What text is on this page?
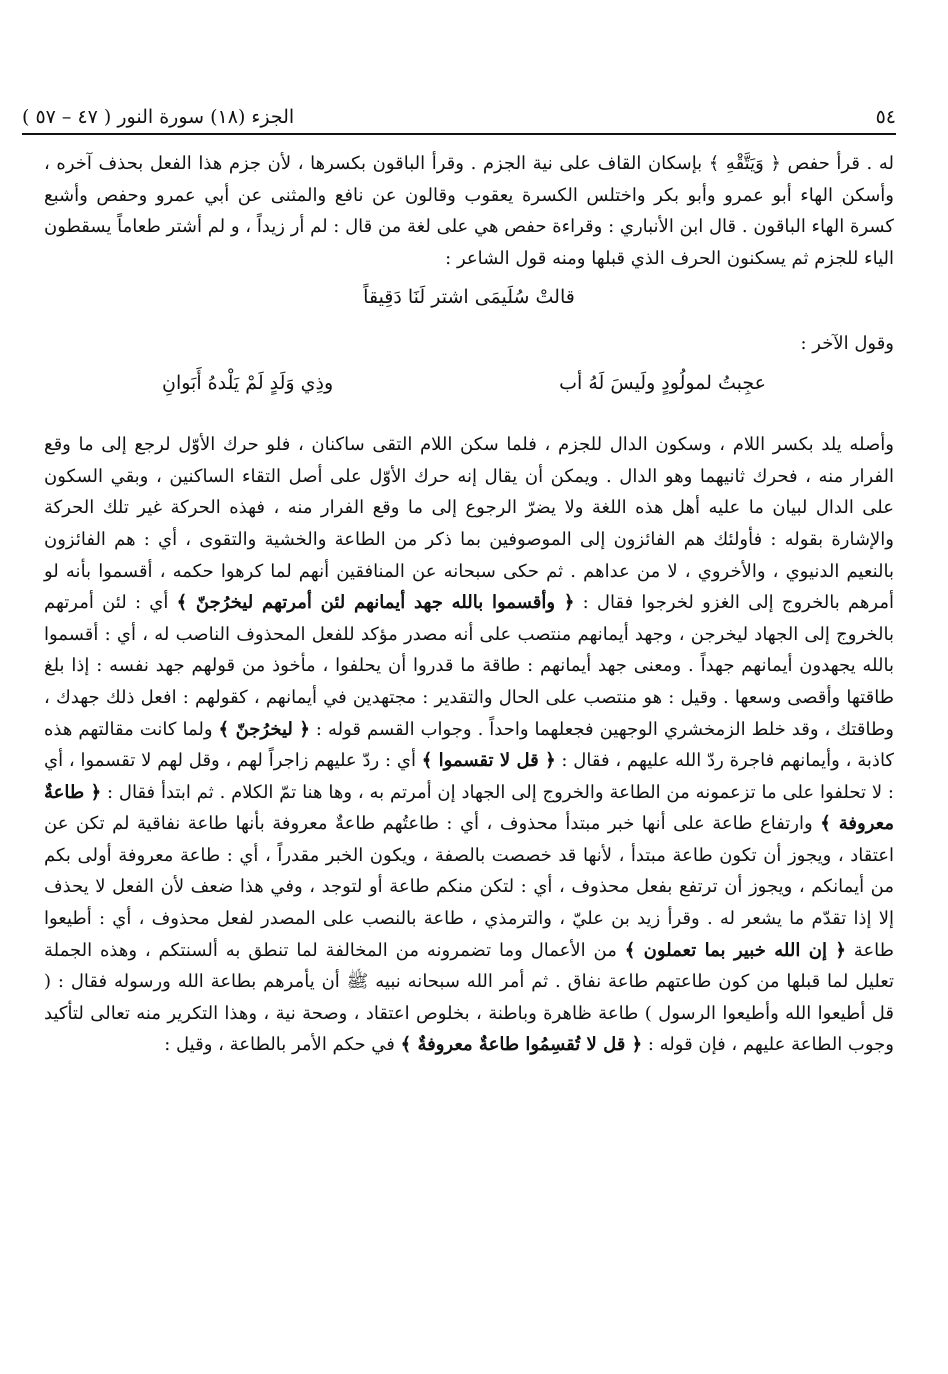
٥٤
الجزء (١٨) سورة النور ( ٤٧ – ٥٧ )

له . قرأ حفص ﴿ وَيَتَّقْهِ ﴾ بإسكان القاف على نية الجزم . وقرأ الباقون بكسرها ، لأن جزم هذا الفعل بحذف آخره ، وأسكن الهاء أبو عمرو وأبو بكر واختلس الكسرة يعقوب وقالون عن نافع والمثنى عن أبي عمرو وحفص وأشبع كسرة الهاء الباقون . قال ابن الأنباري : وقراءة حفص هي على لغة من قال : لم أر زيداً ، و لم أشتر طعاماً يسقطون الياء للجزم ثم يسكنون الحرف الذي قبلها ومنه قول الشاعر :

قالتْ سُلَيمَى اشتر لَنَا دَقِيقاً

وقول الآخر :

عجِبتُ لمولُودٍ ولَيسَ لَهُ أب
وذِي وَلَدٍ لَمْ يَلْدهُ أَبَوانِ

وأصله يلد بكسر اللام ، وسكون الدال للجزم ، فلما سكن اللام التقى ساكنان ، فلو حرك الأوّل لرجع إلى ما وقع الفرار منه ، فحرك ثانيهما وهو الدال . ويمكن أن يقال إنه حرك الأوّل على أصل التقاء الساكنين ، وبقي السكون على الدال لبيان ما عليه أهل هذه اللغة ولا يضرّ الرجوع إلى ما وقع الفرار منه ، فهذه الحركة غير تلك الحركة والإشارة بقوله : فأولئك هم الفائزون إلى الموصوفين بما ذكر من الطاعة والخشية والتقوى ، أي : هم الفائزون بالنعيم الدنيوي ، والأخروي ، لا من عداهم . ثم حكى سبحانه عن المنافقين أنهم لما كرهوا حكمه ، أقسموا بأنه لو أمرهم بالخروج إلى الغزو لخرجوا فقال : ﴿ وأقسموا بالله جهد أيمانهم لئن أمرتهم ليخرُجنّ ﴾ أي : لئن أمرتهم بالخروج إلى الجهاد ليخرجن ، وجهد أيمانهم منتصب على أنه مصدر مؤكد للفعل المحذوف الناصب له ، أي : أقسموا بالله يجهدون أيمانهم جهداً . ومعنى جهد أيمانهم : طاقة ما قدروا أن يحلفوا ، مأخوذ من قولهم جهد نفسه : إذا بلغ طاقتها وأقصى وسعها . وقيل : هو منتصب على الحال والتقدير : مجتهدين في أيمانهم ، كقولهم : افعل ذلك جهدك ، وطاقتك ، وقد خلط الزمخشري الوجهين فجعلهما واحداً . وجواب القسم قوله : ﴿ ليخرُجنّ ﴾ ولما كانت مقالتهم هذه كاذبة ، وأيمانهم فاجرة ردّ الله عليهم ، فقال : ﴿ قل لا تقسموا ﴾ أي : ردّ عليهم زاجراً لهم ، وقل لهم لا تقسموا ، أي : لا تحلفوا على ما تزعمونه من الطاعة والخروج إلى الجهاد إن أمرتم به ، وها هنا تمّ الكلام . ثم ابتدأ فقال : ﴿ طاعةٌ معروفة ﴾ وارتفاع طاعة على أنها خبر مبتدأ محذوف ، أي : طاعتُهم طاعةٌ معروفة بأنها طاعة نفاقية لم تكن عن اعتقاد ، ويجوز أن تكون طاعة مبتدأ ، لأنها قد خصصت بالصفة ، ويكون الخبر مقدراً ، أي : طاعة معروفة أولى بكم من أيمانكم ، ويجوز أن ترتفع بفعل محذوف ، أي : لتكن منكم طاعة أو لتوجد ، وفي هذا ضعف لأن الفعل لا يحذف إلا إذا تقدّم ما يشعر له . وقرأ زيد بن عليّ ، والترمذي ، طاعة بالنصب على المصدر لفعل محذوف ، أي : أطيعوا طاعة ﴿ إن الله خبير بما تعملون ﴾ من الأعمال وما تضمرونه من المخالفة لما تنطق به ألسنتكم ، وهذه الجملة تعليل لما قبلها من كون طاعتهم طاعة نفاق . ثم أمر الله سبحانه نبيه ﷺ أن يأمرهم بطاعة الله ورسوله فقال : ( قل أطيعوا الله وأطيعوا الرسول ) طاعة ظاهرة وباطنة ، بخلوص اعتقاد ، وصحة نية ، وهذا التكرير منه تعالى لتأكيد وجوب الطاعة عليهم ، فإن قوله : ﴿ قل لا تُقسِمُوا طاعةٌ معروفةٌ ﴾ في حكم الأمر بالطاعة ، وقيل :
